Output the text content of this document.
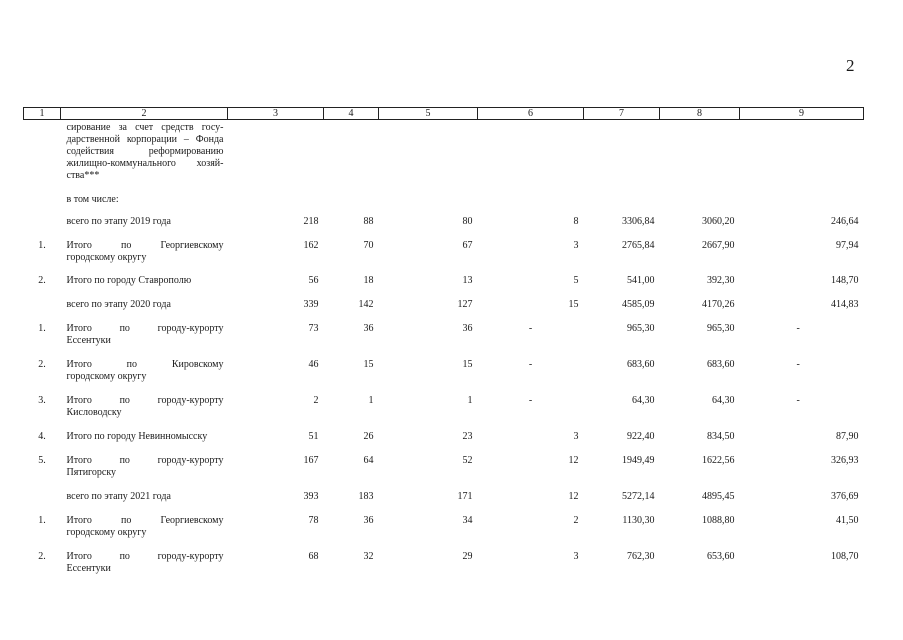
2
1	2	3	4	5	6	7	8	9
	сирование за счет средств госу-дарственной корпорации – Фонда содействия реформированию жилищно-коммунального хозяй-ства***							
	в том числе:							

	всего по этапу 2019 года	218	88	80	8	3306,84	3060,20	246,64
1.	Итого по Георгиевскому
городскому округу	162	70	67	3	2765,84	2667,90	97,94
2.	Итого по городу Ставрополю	56	18	13	5	541,00	392,30	148,70

	всего по этапу 2020 года	339	142	127	15	4585,09	4170,26	414,83
1.	Итого по городу-курорту
Ессентуки	73	36	36	-	965,30	965,30	-
2.	Итого по Кировскому
городскому округу	46	15	15	-	683,60	683,60	-
3.	Итого по городу-курорту
Кисловодску	2	1	1	-	64,30	64,30	-
4.	Итого по городу Невинномысску	51	26	23	3	922,40	834,50	87,90
5.	Итого по городу-курорту
Пятигорску	167	64	52	12	1949,49	1622,56	326,93

	всего по этапу 2021 года	393	183	171	12	5272,14	4895,45	376,69
1.	Итого по Георгиевскому
городскому округу	78	36	34	2	1130,30	1088,80	41,50
2.	Итого по городу-курорту
Ессентуки	68	32	29	3	762,30	653,60	108,70
